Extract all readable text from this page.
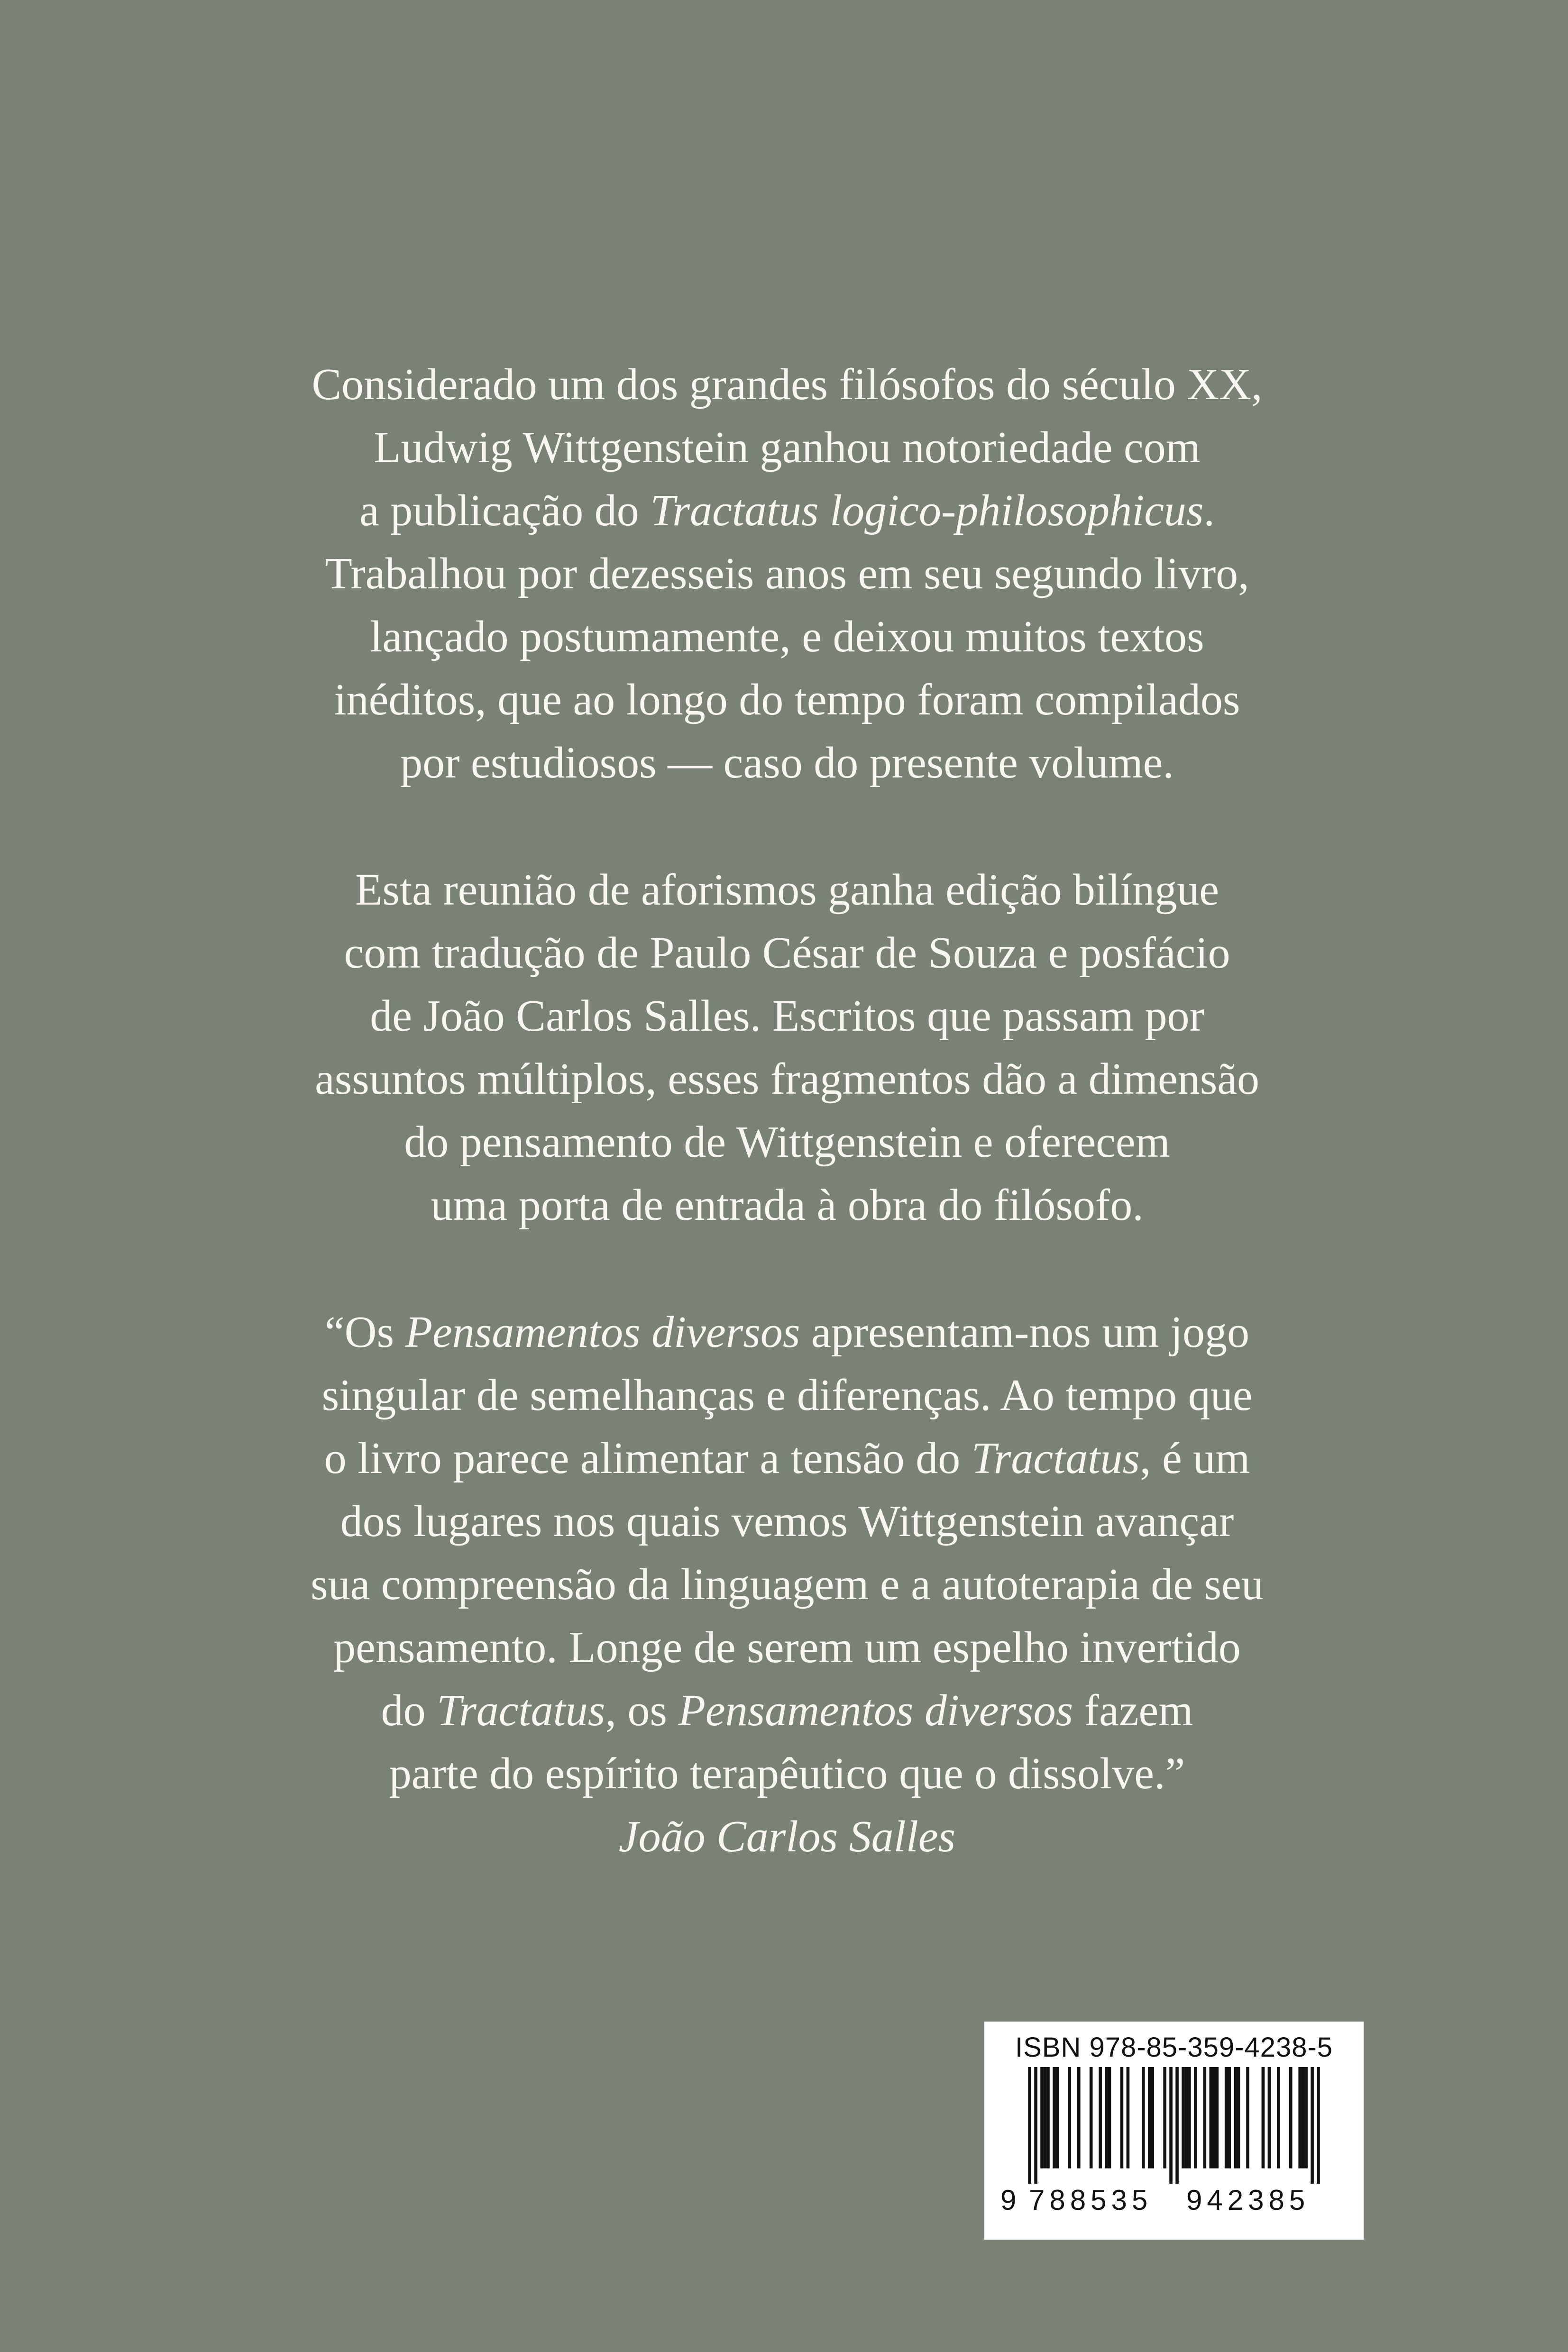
Considerado um dos grandes filósofos do século XX,
Ludwig Wittgenstein ganhou notoriedade com
a publicação do Tractatus logico-philosophicus.
Trabalhou por dezesseis anos em seu segundo livro,
lançado postumamente, e deixou muitos textos
inéditos, que ao longo do tempo foram compilados
por estudiosos — caso do presente volume.
Esta reunião de aforismos ganha edição bilíngue
com tradução de Paulo César de Souza e posfácio
de João Carlos Salles. Escritos que passam por
assuntos múltiplos, esses fragmentos dão a dimensão
do pensamento de Wittgenstein e oferecem
uma porta de entrada à obra do filósofo.
“Os Pensamentos diversos apresentam-nos um jogo
singular de semelhanças e diferenças. Ao tempo que
o livro parece alimentar a tensão do Tractatus, é um
dos lugares nos quais vemos Wittgenstein avançar
sua compreensão da linguagem e a autoterapia de seu
pensamento. Longe de serem um espelho invertido
do Tractatus, os Pensamentos diversos fazem
parte do espírito terapêutico que o dissolve.”
João Carlos Salles
ISBN 978-85-359-4238-5
9 788535 942385
